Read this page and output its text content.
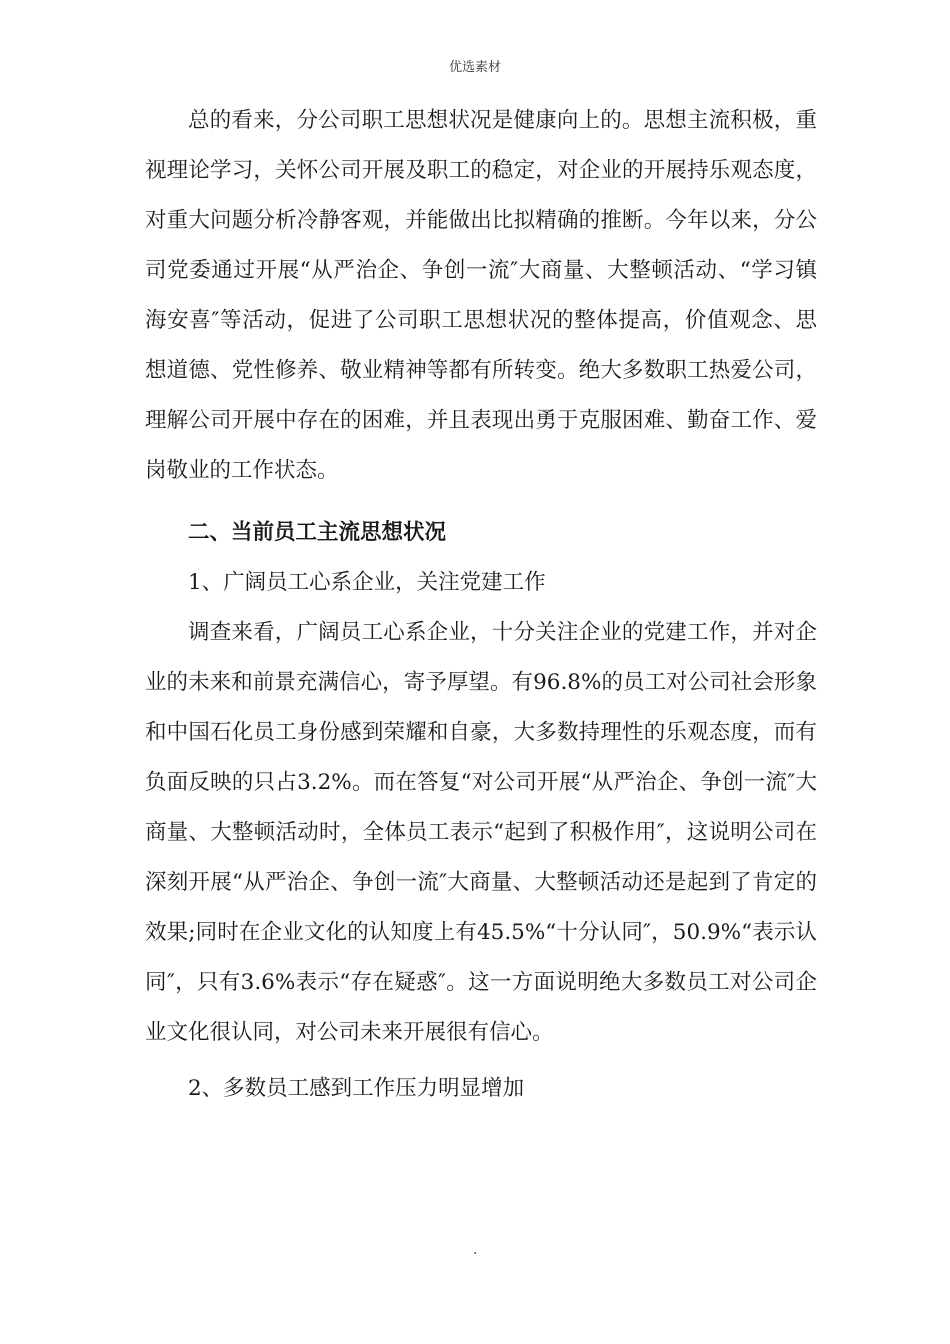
优选素材

总的看来，分公司职工思想状况是健康向上的。思想主流积极，重视理论学习，关怀公司开展及职工的稳定，对企业的开展持乐观态度，对重大问题分析冷静客观，并能做出比拟精确的推断。今年以来，分公司党委通过开展“从严治企、争创一流″大商量、大整顿活动、“学习镇海安喜″等活动，促进了公司职工思想状况的整体提高，价值观念、思想道德、党性修养、敬业精神等都有所转变。绝大多数职工热爱公司，理解公司开展中存在的困难，并且表现出勇于克服困难、勤奋工作、爱岗敬业的工作状态。

二、当前员工主流思想状况

1、广阔员工心系企业，关注党建工作

调查来看，广阔员工心系企业，十分关注企业的党建工作，并对企业的未来和前景充满信心，寄予厚望。有96.8%的员工对公司社会形象和中国石化员工身份感到荣耀和自豪，大多数持理性的乐观态度，而有负面反映的只占3.2%。而在答复“对公司开展“从严治企、争创一流″大商量、大整顿活动时，全体员工表示“起到了积极作用″，这说明公司在深刻开展“从严治企、争创一流″大商量、大整顿活动还是起到了肯定的效果;同时在企业文化的认知度上有45.5%“十分认同″，50.9%“表示认同″，只有3.6%表示“存在疑惑″。这一方面说明绝大多数员工对公司企业文化很认同，对公司未来开展很有信心。

2、多数员工感到工作压力明显增加

.
